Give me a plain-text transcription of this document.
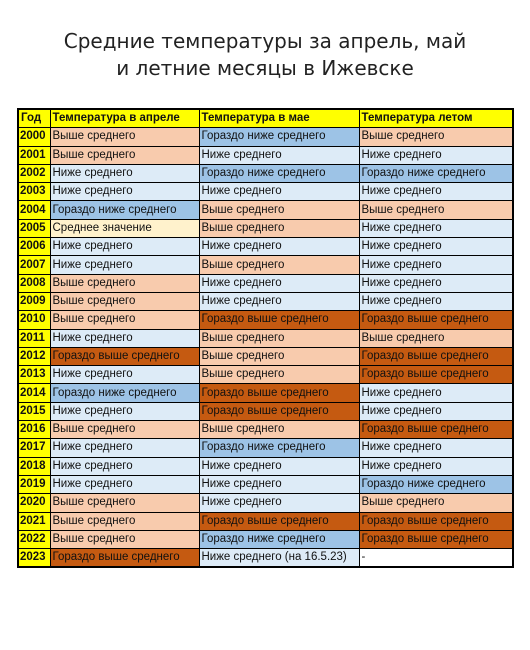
Средние температуры за апрель, май
и летние месяцы в Ижевске
Год	Температура в апреле	Температура в мае	Температура летом
2000	Выше среднего	Гораздо ниже среднего	Выше среднего
2001	Выше среднего	Ниже среднего	Ниже среднего
2002	Ниже среднего	Гораздо ниже среднего	Гораздо ниже среднего
2003	Ниже среднего	Ниже среднего	Ниже среднего
2004	Гораздо ниже среднего	Выше среднего	Выше среднего
2005	Среднее значение	Выше среднего	Ниже среднего
2006	Ниже среднего	Ниже среднего	Ниже среднего
2007	Ниже среднего	Выше среднего	Ниже среднего
2008	Выше среднего	Ниже среднего	Ниже среднего
2009	Выше среднего	Ниже среднего	Ниже среднего
2010	Выше среднего	Гораздо выше среднего	Гораздо выше среднего
2011	Ниже среднего	Выше среднего	Выше среднего
2012	Гораздо выше среднего	Выше среднего	Гораздо выше среднего
2013	Ниже среднего	Выше среднего	Гораздо выше среднего
2014	Гораздо ниже среднего	Гораздо выше среднего	Ниже среднего
2015	Ниже среднего	Гораздо выше среднего	Ниже среднего
2016	Выше среднего	Выше среднего	Гораздо выше среднего
2017	Ниже среднего	Гораздо ниже среднего	Ниже среднего
2018	Ниже среднего	Ниже среднего	Ниже среднего
2019	Ниже среднего	Ниже среднего	Гораздо ниже среднего
2020	Выше среднего	Ниже среднего	Выше среднего
2021	Выше среднего	Гораздо выше среднего	Гораздо выше среднего
2022	Выше среднего	Гораздо ниже среднего	Гораздо выше среднего
2023	Гораздо выше среднего	Ниже среднего (на 16.5.23)	-
